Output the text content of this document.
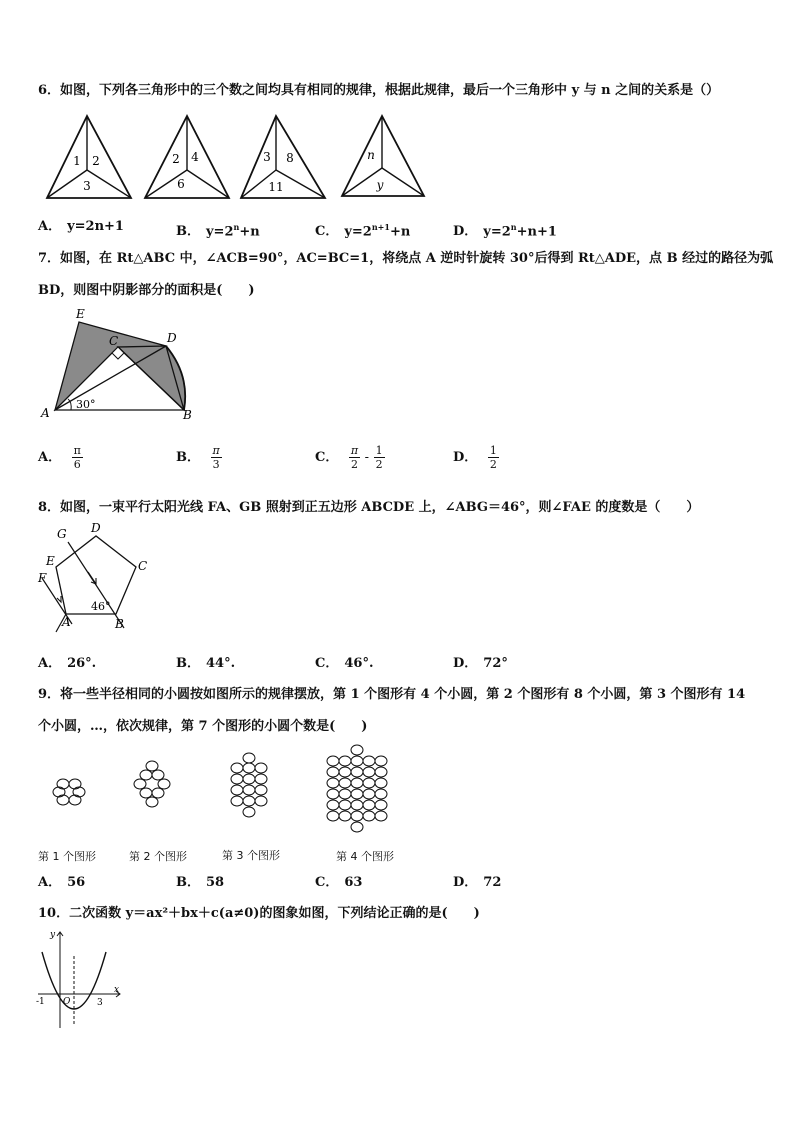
6．如图，下列各三角形中的三个数之间均具有相同的规律，根据此规律，最后一个三角形中 y 与 n 之间的关系是（）
1 2
3
2 4
6
3 8
11
n
y
A． y=2n+1	B． $y=2^n+n$	C． $y=2^{n+1}+n$	D． $y=2^n+n+1$
7．如图，在 Rt△ABC 中，∠ACB=90°，AC=BC=1，将绕点 A 逆时针旋转 30°后得到 Rt△ADE，点 B 经过的路径为弧
BD，则图中阴影部分的面积是(　　)
E
C	D
A	B
30°
A． $\frac{\pi}{6}$	B． $\frac{\pi}{3}$	C． $\frac{\pi}{2} - \frac{1}{2}$	D． $\frac{1}{2}$
8．如图，一束平行太阳光线 FA、GB 照射到正五边形 ABCDE 上，∠ABG＝46°，则∠FAE 的度数是（　　）
G D
E	C
F
A	B
46°
A． 26°.	B． 44°.	C． 46°.	D． 72°
9．将一些半径相同的小圆按如图所示的规律摆放，第 1 个图形有 4 个小圆，第 2 个图形有 8 个小圆，第 3 个图形有 14
个小圆，…，依次规律，第 7 个图形的小圆个数是(　　)
第 1 个图形	第 2 个图形	第 3 个图形	第 4 个图形
A． 56	B． 58	C． 63	D． 72
10．二次函数 y＝ax²＋bx＋c(a≠0)的图象如图，下列结论正确的是(　　)
y
x
-1 O	3
